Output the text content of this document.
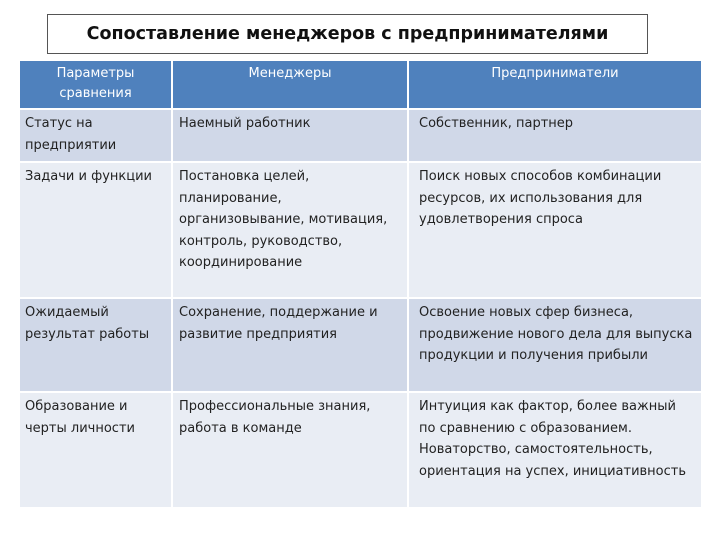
Сопоставление менеджеров с предпринимателями
Параметры сравнения	Менеджеры	Предприниматели
Статус на предприятии	Наемный работник	Собственник, партнер
Задачи и функции	Постановка целей, планирование, организовывание, мотивация, контроль, руководство, координирование	Поиск новых способов комбинации ресурсов, их использования для удовлетворения спроса
Ожидаемый результат работы	Сохранение, поддержание и развитие предприятия	Освоение новых сфер бизнеса, продвижение нового дела для выпуска продукции и получения прибыли
Образование и черты личности	Профессиональные знания, работа в команде	Интуиция как фактор, более важный по сравнению с образованием. Новаторство, самостоятельность, ориентация на успех, инициативность
